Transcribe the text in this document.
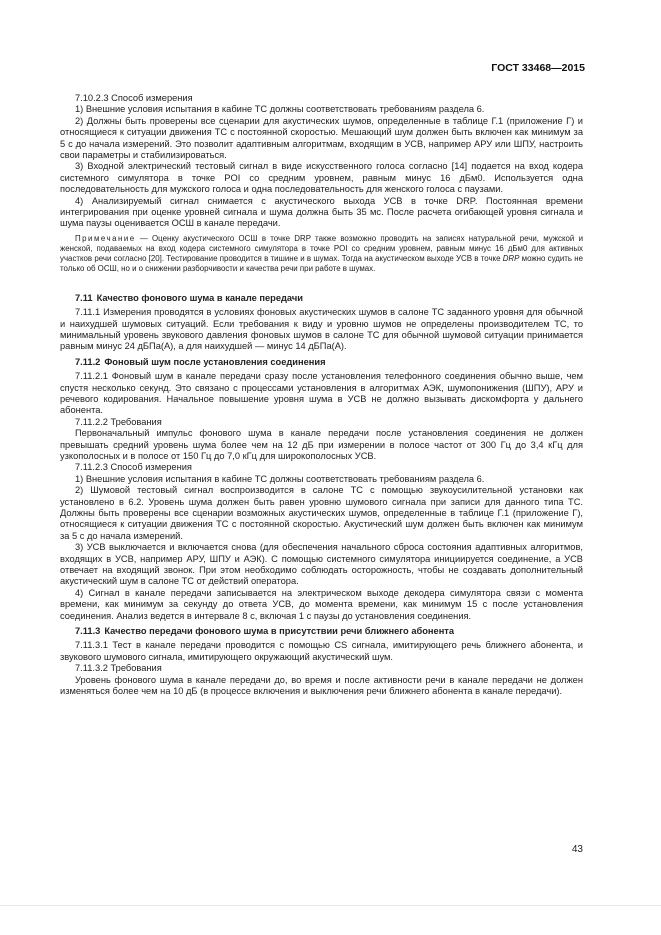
ГОСТ 33468—2015

7.10.2.3 Способ измерения

1) Внешние условия испытания в кабине ТС должны соответствовать требованиям раздела 6.

2) Должны быть проверены все сценарии для акустических шумов, определенные в таблице Г.1 (приложение Г) и относящиеся к ситуации движения ТС с постоянной скоростью. Мешающий шум должен быть включен как минимум за 5 с до начала измерений. Это позволит адаптивным алгоритмам, входящим в УСВ, например АРУ или ШПУ, настроить свои параметры и стабилизироваться.

3) Входной электрический тестовый сигнал в виде искусственного голоса согласно [14] подается на вход кодера системного симулятора в точке POI со средним уровнем, равным минус 16 дБм0. Используется одна последовательность для мужского голоса и одна последовательность для женского голоса с паузами.

4) Анализируемый сигнал снимается с акустического выхода УСВ в точке DRP. Постоянная времени интегрирования при оценке уровней сигнала и шума должна быть 35 мс. После расчета огибающей уровня сигнала и шума паузы оценивается ОСШ в канале передачи.

Примечание — Оценку акустического ОСШ в точке DRP также возможно проводить на записях натуральной речи, мужской и женской, подаваемых на вход кодера системного симулятора в точке POI со средним уровнем, равным минус 16 дБм0 для активных участков речи согласно [20]. Тестирование проводится в тишине и в шумах. Тогда на акустическом выходе УСВ в точке DRP можно судить не только об ОСШ, но и о снижении разборчивости и качества речи при работе в шумах.

7.11 Качество фонового шума в канале передачи

7.11.1 Измерения проводятся в условиях фоновых акустических шумов в салоне ТС заданного уровня для обычной и наихудшей шумовых ситуаций. Если требования к виду и уровню шумов не определены производителем ТС, то минимальный уровень звукового давления фоновых шумов в салоне ТС для обычной шумовой ситуации принимается равным минус 24 дБПа(А), а для наихудшей — минус 14 дБПа(А).

7.11.2 Фоновый шум после установления соединения

7.11.2.1 Фоновый шум в канале передачи сразу после установления телефонного соединения обычно выше, чем спустя несколько секунд. Это связано с процессами установления в алгоритмах АЭК, шумопонижения (ШПУ), АРУ и речевого кодирования. Начальное повышение уровня шума в УСВ не должно вызывать дискомфорта у дальнего абонента.

7.11.2.2 Требования

Первоначальный импульс фонового шума в канале передачи после установления соединения не должен превышать средний уровень шума более чем на 12 дБ при измерении в полосе частот от 300 Гц до 3,4 кГц для узкополосных и в полосе от 150 Гц до 7,0 кГц для широкополосных УСВ.

7.11.2.3 Способ измерения

1) Внешние условия испытания в кабине ТС должны соответствовать требованиям раздела 6.

2) Шумовой тестовый сигнал воспроизводится в салоне ТС с помощью звукоусилительной установки как установлено в 6.2. Уровень шума должен быть равен уровню шумового сигнала при записи для данного типа ТС. Должны быть проверены все сценарии возможных акустических шумов, определенные в таблице Г.1 (приложение Г), относящиеся к ситуации движения ТС с постоянной скоростью. Акустический шум должен быть включен как минимум за 5 с до начала измерений.

3) УСВ выключается и включается снова (для обеспечения начального сброса состояния адаптивных алгоритмов, входящих в УСВ, например АРУ, ШПУ и АЭК). С помощью системного симулятора инициируется соединение, а УСВ отвечает на входящий звонок. При этом необходимо соблюдать осторожность, чтобы не создавать дополнительный акустический шум в салоне ТС от действий оператора.

4) Сигнал в канале передачи записывается на электрическом выходе декодера симулятора связи с момента времени, как минимум за секунду до ответа УСВ, до момента времени, как минимум 15 с после установления соединения. Анализ ведется в интервале 8 с, включая 1 с паузы до установления соединения.

7.11.3 Качество передачи фонового шума в присутствии речи ближнего абонента

7.11.3.1 Тест в канале передачи проводится с помощью CS сигнала, имитирующего речь ближнего абонента, и звукового шумового сигнала, имитирующего окружающий акустический шум.

7.11.3.2 Требования

Уровень фонового шума в канале передачи до, во время и после активности речи в канале передачи не должен изменяться более чем на 10 дБ (в процессе включения и выключения речи ближнего абонента в канале передачи).

43
